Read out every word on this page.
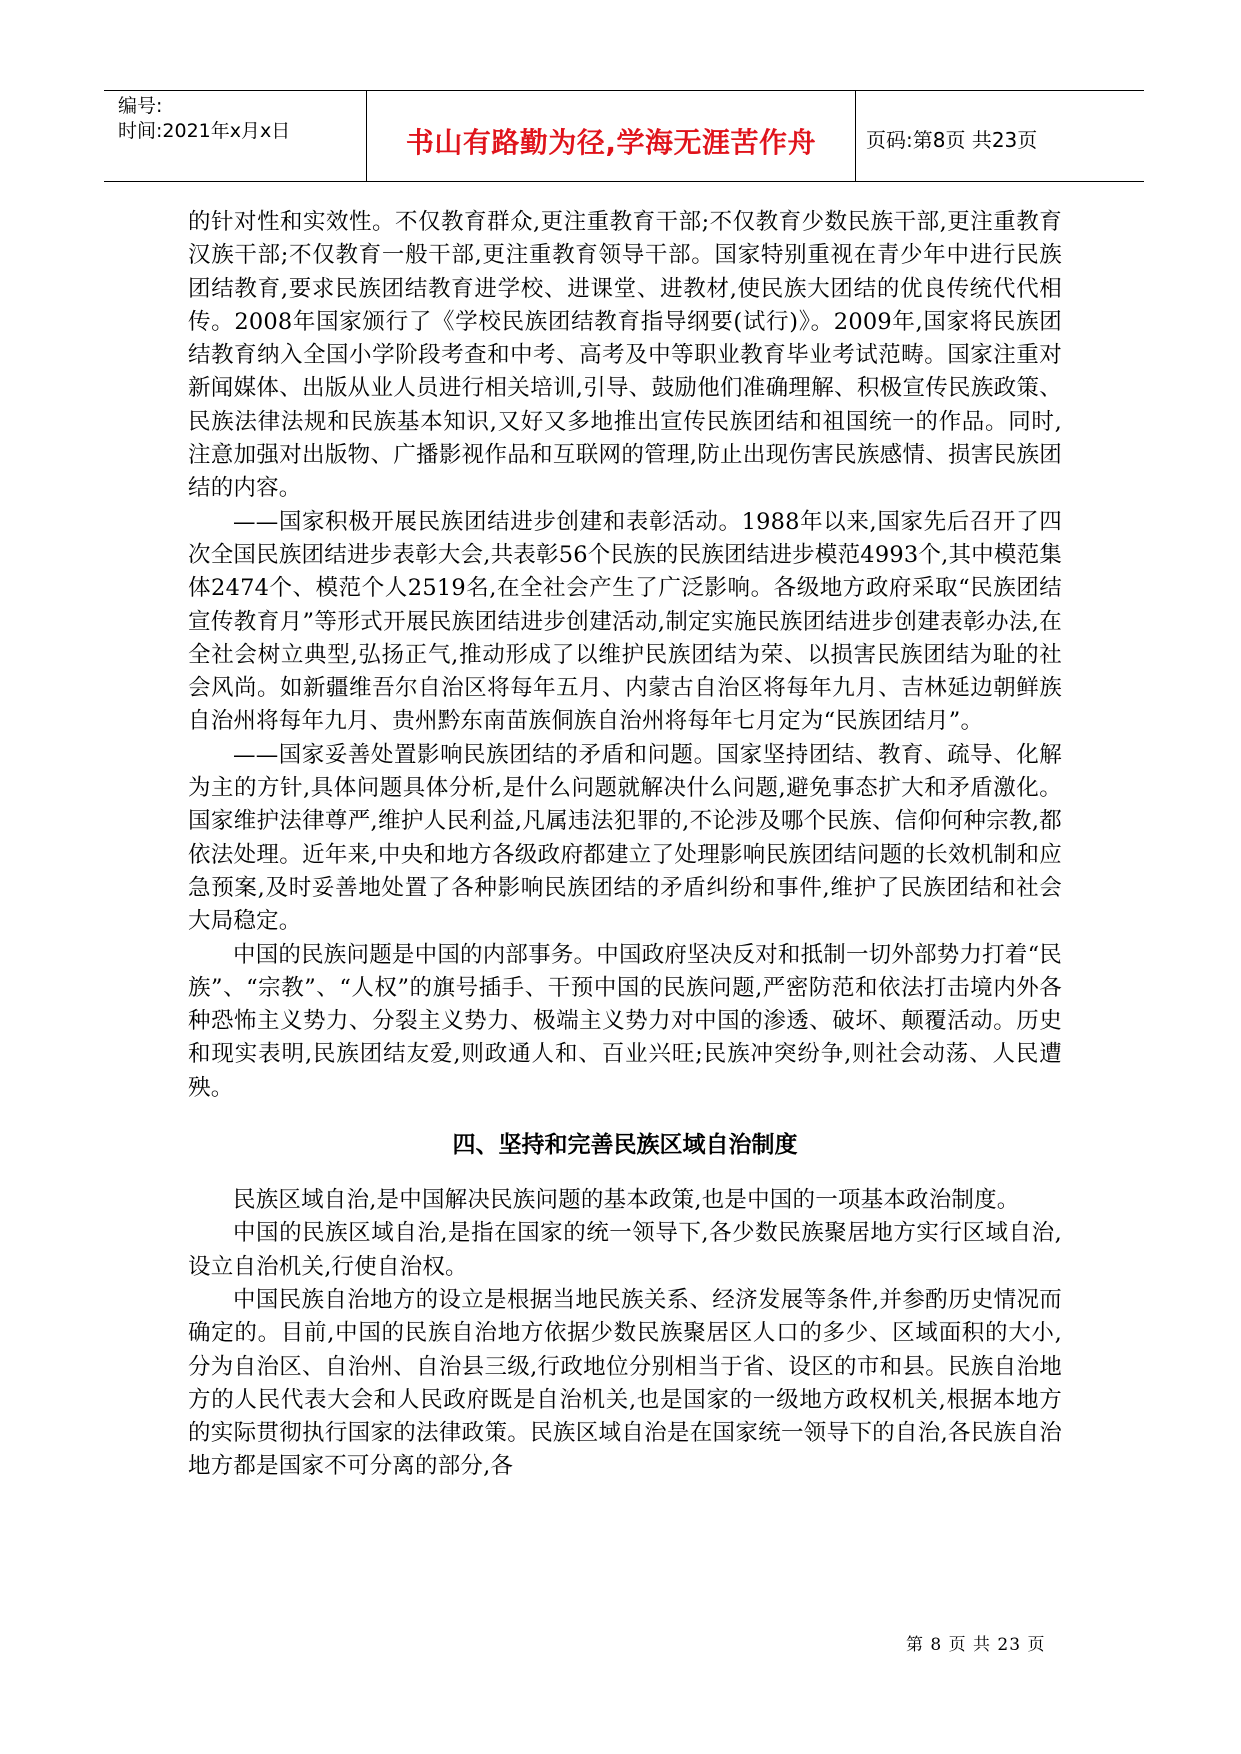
编号:
时间:2021年x月x日	书山有路勤为径,学海无涯苦作舟	页码:第8页 共23页

的针对性和实效性。不仅教育群众,更注重教育干部;不仅教育少数民族干部,更注重教育汉族干部;不仅教育一般干部,更注重教育领导干部。国家特别重视在青少年中进行民族团结教育,要求民族团结教育进学校、进课堂、进教材,使民族大团结的优良传统代代相传。2008年国家颁行了《学校民族团结教育指导纲要(试行)》。2009年,国家将民族团结教育纳入全国小学阶段考查和中考、高考及中等职业教育毕业考试范畴。国家注重对新闻媒体、出版从业人员进行相关培训,引导、鼓励他们准确理解、积极宣传民族政策、民族法律法规和民族基本知识,又好又多地推出宣传民族团结和祖国统一的作品。同时,注意加强对出版物、广播影视作品和互联网的管理,防止出现伤害民族感情、损害民族团结的内容。

——国家积极开展民族团结进步创建和表彰活动。1988年以来,国家先后召开了四次全国民族团结进步表彰大会,共表彰56个民族的民族团结进步模范4993个,其中模范集体2474个、模范个人2519名,在全社会产生了广泛影响。各级地方政府采取“民族团结宣传教育月”等形式开展民族团结进步创建活动,制定实施民族团结进步创建表彰办法,在全社会树立典型,弘扬正气,推动形成了以维护民族团结为荣、以损害民族团结为耻的社会风尚。如新疆维吾尔自治区将每年五月、内蒙古自治区将每年九月、吉林延边朝鲜族自治州将每年九月、贵州黔东南苗族侗族自治州将每年七月定为“民族团结月”。

——国家妥善处置影响民族团结的矛盾和问题。国家坚持团结、教育、疏导、化解为主的方针,具体问题具体分析,是什么问题就解决什么问题,避免事态扩大和矛盾激化。国家维护法律尊严,维护人民利益,凡属违法犯罪的,不论涉及哪个民族、信仰何种宗教,都依法处理。近年来,中央和地方各级政府都建立了处理影响民族团结问题的长效机制和应急预案,及时妥善地处置了各种影响民族团结的矛盾纠纷和事件,维护了民族团结和社会大局稳定。

中国的民族问题是中国的内部事务。中国政府坚决反对和抵制一切外部势力打着“民族”、“宗教”、“人权”的旗号插手、干预中国的民族问题,严密防范和依法打击境内外各种恐怖主义势力、分裂主义势力、极端主义势力对中国的渗透、破坏、颠覆活动。历史和现实表明,民族团结友爱,则政通人和、百业兴旺;民族冲突纷争,则社会动荡、人民遭殃。

四、坚持和完善民族区域自治制度

民族区域自治,是中国解决民族问题的基本政策,也是中国的一项基本政治制度。

中国的民族区域自治,是指在国家的统一领导下,各少数民族聚居地方实行区域自治,设立自治机关,行使自治权。

中国民族自治地方的设立是根据当地民族关系、经济发展等条件,并参酌历史情况而确定的。目前,中国的民族自治地方依据少数民族聚居区人口的多少、区域面积的大小,分为自治区、自治州、自治县三级,行政地位分别相当于省、设区的市和县。民族自治地方的人民代表大会和人民政府既是自治机关,也是国家的一级地方政权机关,根据本地方的实际贯彻执行国家的法律政策。民族区域自治是在国家统一领导下的自治,各民族自治地方都是国家不可分离的部分,各

第 8 页 共 23 页
